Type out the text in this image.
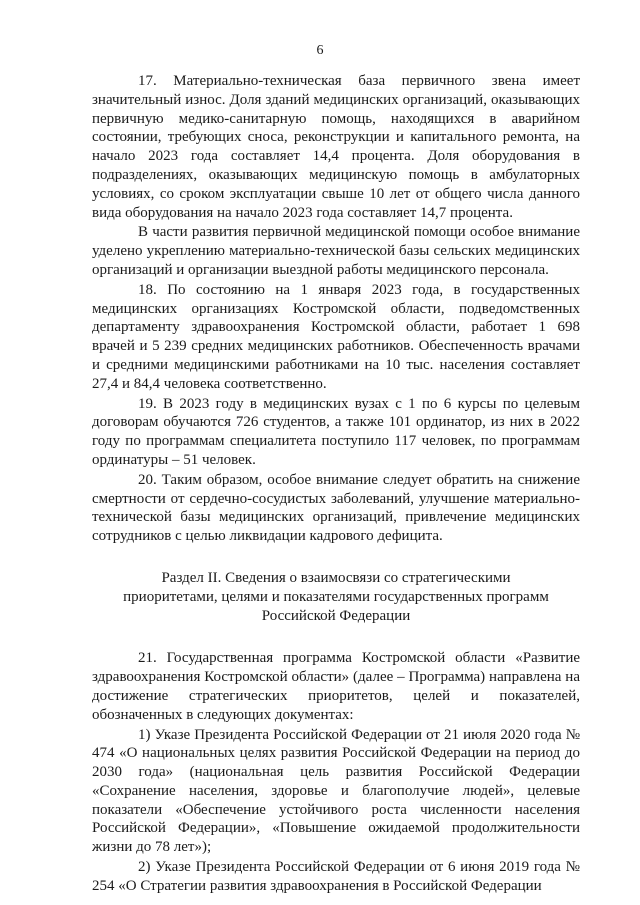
6

17. Материально-техническая база первичного звена имеет значительный износ. Доля зданий медицинских организаций, оказывающих первичную медико-санитарную помощь, находящихся в аварийном состоянии, требующих сноса, реконструкции и капитального ремонта, на начало 2023 года составляет 14,4 процента. Доля оборудования в подразделениях, оказывающих медицинскую помощь в амбулаторных условиях, со сроком эксплуатации свыше 10 лет от общего числа данного вида оборудования на начало 2023 года составляет 14,7 процента.

В части развития первичной медицинской помощи особое внимание уделено укреплению материально-технической базы сельских медицинских организаций и организации выездной работы медицинского персонала.

18. По состоянию на 1 января 2023 года, в государственных медицинских организациях Костромской области, подведомственных департаменту здравоохранения Костромской области, работает 1 698 врачей и 5 239 средних медицинских работников. Обеспеченность врачами и средними медицинскими работниками на 10 тыс. населения составляет 27,4 и 84,4 человека соответственно.

19. В 2023 году в медицинских вузах с 1 по 6 курсы по целевым договорам обучаются 726 студентов, а также 101 ординатор, из них в 2022 году по программам специалитета поступило 117 человек, по программам ординатуры – 51 человек.

20. Таким образом, особое внимание следует обратить на снижение смертности от сердечно-сосудистых заболеваний, улучшение материально-технической базы медицинских организаций, привлечение медицинских сотрудников с целью ликвидации кадрового дефицита.

Раздел II. Сведения о взаимосвязи со стратегическими
приоритетами, целями и показателями государственных программ
Российской Федерации

21. Государственная программа Костромской области «Развитие здравоохранения Костромской области» (далее – Программа) направлена на достижение стратегических приоритетов, целей и показателей, обозначенных в следующих документах:

1) Указе Президента Российской Федерации от 21 июля 2020 года № 474 «О национальных целях развития Российской Федерации на период до 2030 года» (национальная цель развития Российской Федерации «Сохранение населения, здоровье и благополучие людей», целевые показатели «Обеспечение устойчивого роста численности населения Российской Федерации», «Повышение ожидаемой продолжительности жизни до 78 лет»);

2) Указе Президента Российской Федерации от 6 июня 2019 года № 254 «О Стратегии развития здравоохранения в Российской Федерации
